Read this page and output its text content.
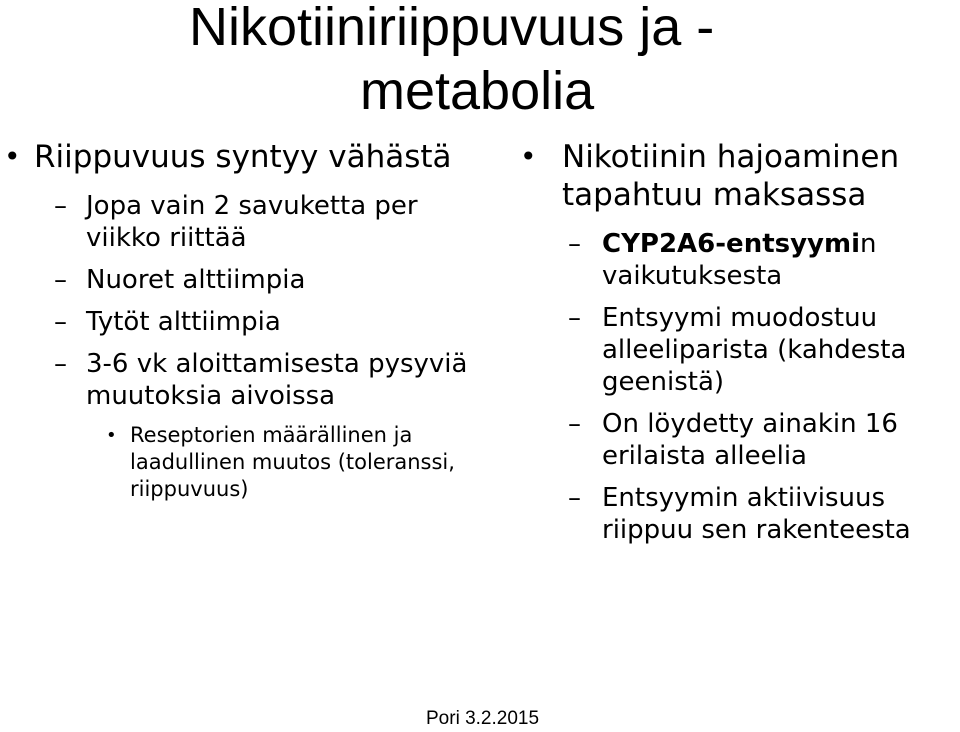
Nikotiiniriippuvuus ja -
metabolia
• Riippuvuus syntyy vähästä
– Jopa vain 2 savuketta per viikko riittää
– Nuoret alttiimpia
– Tytöt alttiimpia
– 3-6 vk aloittamisesta pysyviä muutoksia aivoissa
• Reseptorien määrällinen ja laadullinen muutos (toleranssi, riippuvuus)
• Nikotiinin hajoaminen tapahtuu maksassa
– CYP2A6-entsyymin vaikutuksesta
– Entsyymi muodostuu alleeliparista (kahdesta geenistä)
– On löydetty ainakin 16 erilaista alleelia
– Entsyymin aktiivisuus riippuu sen rakenteesta
Pori 3.2.2015
